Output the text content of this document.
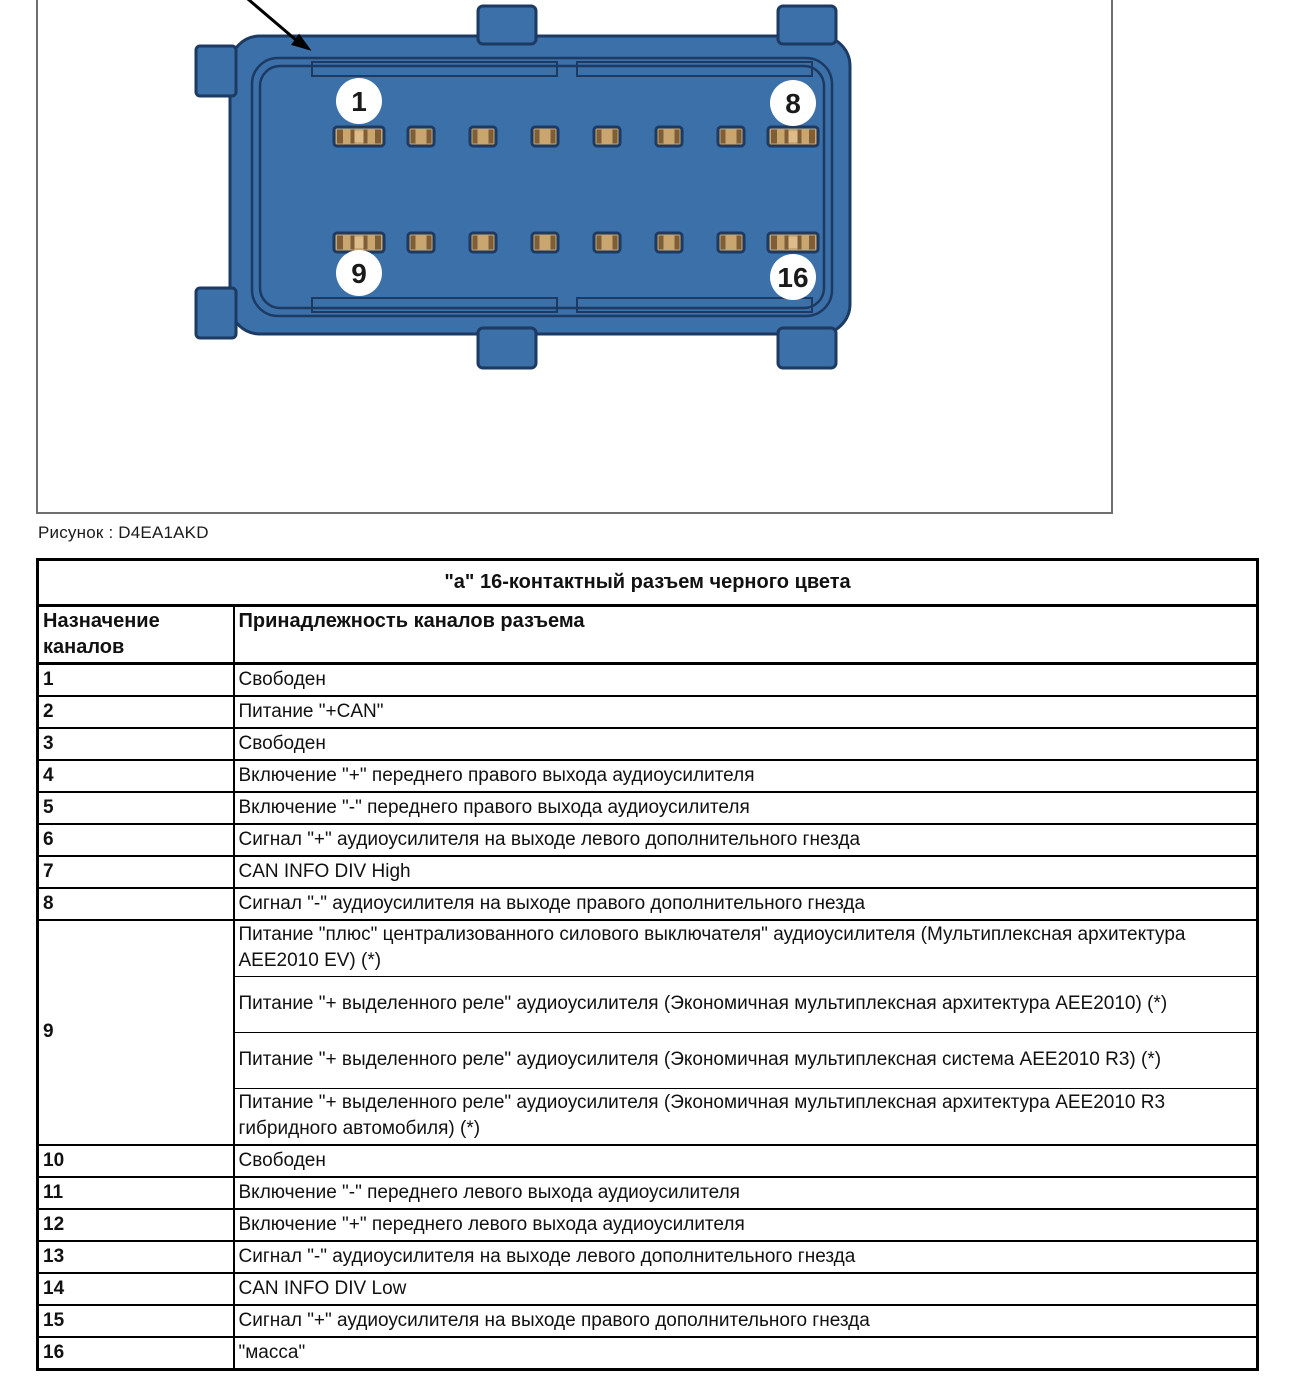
1	8
9	16
Рисунок : D4EA1AKD
"а" 16-контактный разъем черного цвета	
Назначение каналов	Принадлежность каналов разъема
1	Свободен
2	Питание "+CAN"
3	Свободен
4	Включение "+" переднего правого выхода аудиоусилителя
5	Включение "-" переднего правого выхода аудиоусилителя
6	Сигнал "+" аудиоусилителя на выходе левого дополнительного гнезда
7	CAN INFO DIV High
8	Сигнал "-" аудиоусилителя на выходе правого дополнительного гнезда
9	Питание "плюс" централизованного силового выключателя" аудиоусилителя (Мультиплексная архитектура AEE2010 EV) (*)
	Питание "+ выделенного реле" аудиоусилителя (Экономичная мультиплексная архитектура AEE2010) (*)
	Питание "+ выделенного реле" аудиоусилителя (Экономичная мультиплексная система AEE2010 R3) (*)
	Питание "+ выделенного реле" аудиоусилителя (Экономичная мультиплексная архитектура AEE2010 R3 гибридного автомобиля) (*)
10	Свободен
11	Включение "-" переднего левого выхода аудиоусилителя
12	Включение "+" переднего левого выхода аудиоусилителя
13	Сигнал "-" аудиоусилителя на выходе левого дополнительного гнезда
14	CAN INFO DIV Low
15	Сигнал "+" аудиоусилителя на выходе правого дополнительного гнезда
16	"масса"
